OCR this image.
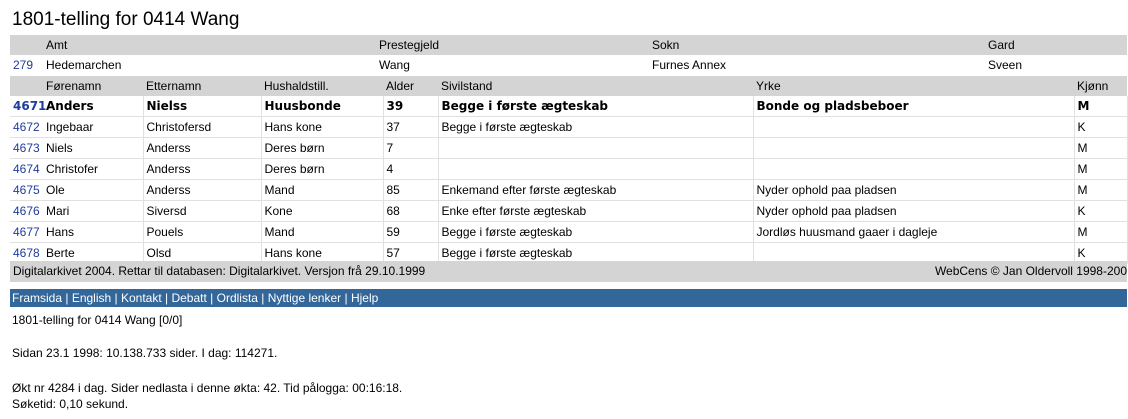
1801-telling for 0414 Wang
	Amt	Prestegjeld	Sokn	Gard
279	Hedemarchen	Wang	Furnes Annex	Sveen
	Førenamn	Etternamn	Hushaldstill.	Alder	Sivilstand	Yrke	Kjønn
4671	Anders	Nielss	Huusbonde	39	Begge i første ægteskab	Bonde og pladsbeboer	M
4672	Ingebaar	Christofersd	Hans kone	37	Begge i første ægteskab		K
4673	Niels	Anderss	Deres børn	7			M
4674	Christofer	Anderss	Deres børn	4			M
4675	Ole	Anderss	Mand	85	Enkemand efter første ægteskab	Nyder ophold paa pladsen	M
4676	Mari	Siversd	Kone	68	Enke efter første ægteskab	Nyder ophold paa pladsen	K
4677	Hans	Pouels	Mand	59	Begge i første ægteskab	Jordløs huusmand gaaer i dagleje	M
4678	Berte	Olsd	Hans kone	57	Begge i første ægteskab		K
Digitalarkivet 2004. Rettar til databasen: Digitalarkivet. Versjon frå 29.10.1999	WebCens © Jan Oldervoll 1998-200
Framsida | English | Kontakt | Debatt | Ordlista | Nyttige lenker | Hjelp
1801-telling for 0414 Wang [0/0]
Sidan 23.1 1998: 10.138.733 sider. I dag: 114271.
Økt nr 4284 i dag. Sider nedlasta i denne økta: 42. Tid pålogga: 00:16:18.
Søketid: 0,10 sekund.
